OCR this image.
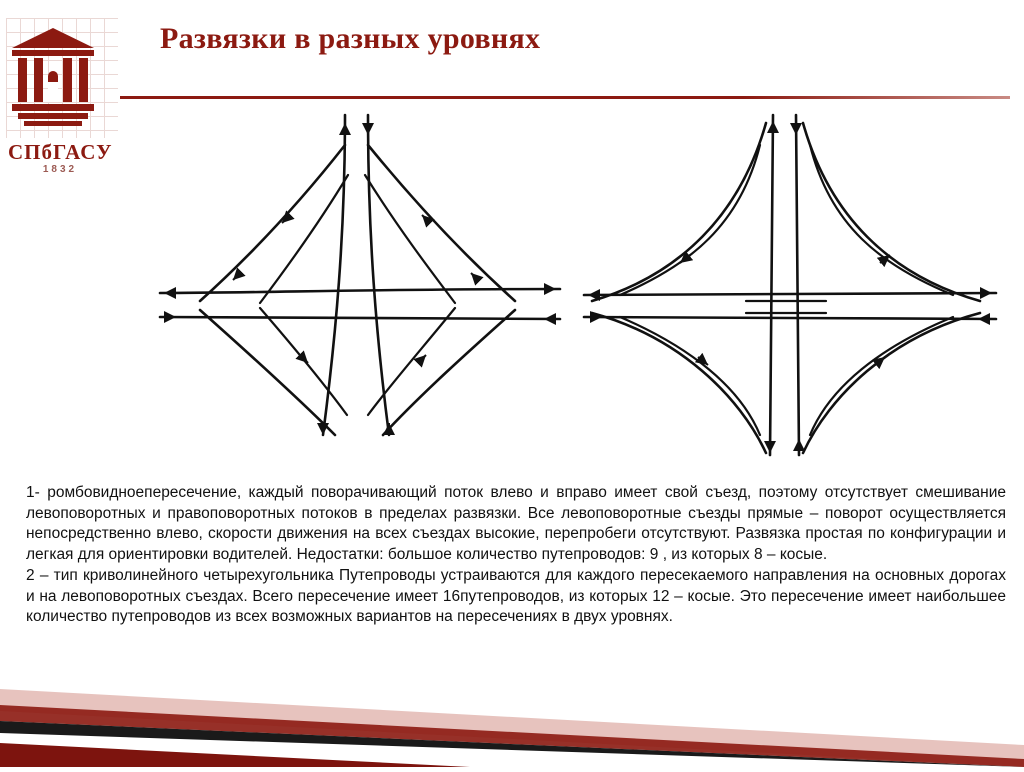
Развязки в разных уровнях
СПбГАСУ
1832

1- ромбовидноепересечение, каждый поворачивающий поток влево и вправо имеет свой съезд, поэтому отсутствует смешивание левоповоротных и правоповоротных потоков в пределах развязки. Все левоповоротные съезды прямые – поворот осуществляется непосредственно влево, скорости движения на всех съездах высокие, перепробеги отсутствуют. Развязка простая по конфигурации и легкая для ориентировки водителей. Недостатки: большое количество путепроводов: 9 , из которых 8 – косые.

2 – тип криволинейного четырехугольника Путепроводы устраиваются для каждого пересекаемого направления на основных дорогах и на левоповоротных съездах. Всего пересечение имеет 16путепроводов, из которых 12 – косые. Это пересечение имеет наибольшее количество путепроводов из всех возможных вариантов на пересечениях в двух уровнях.
